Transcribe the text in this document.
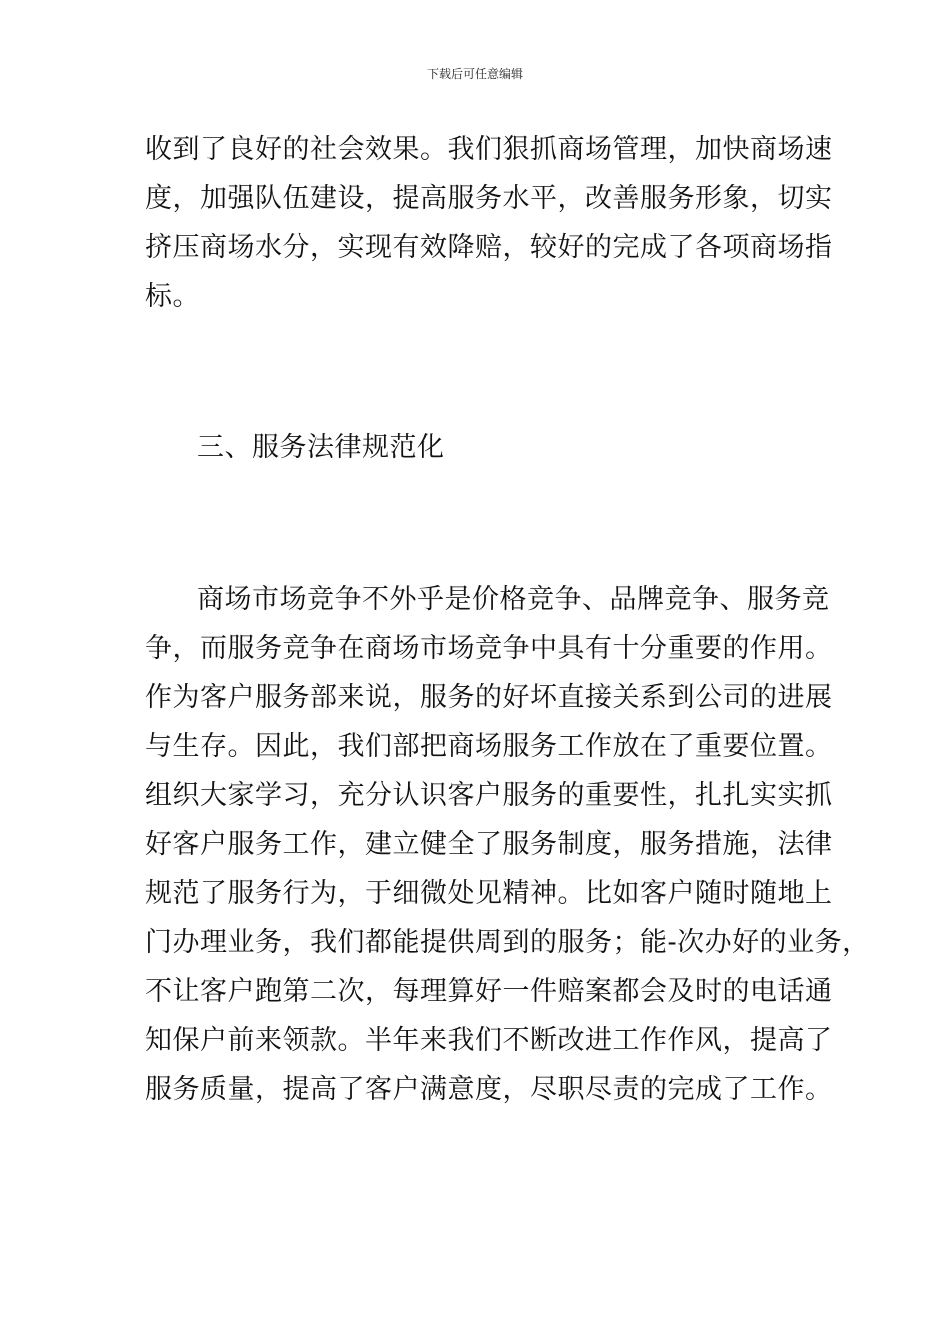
下载后可任意编辑
收到了良好的社会效果。我们狠抓商场管理，加快商场速
度，加强队伍建设，提高服务水平，改善服务形象，切实
挤压商场水分，实现有效降赔，较好的完成了各项商场指
标。
三、服务法律规范化
商场市场竞争不外乎是价格竞争、品牌竞争、服务竞
争，而服务竞争在商场市场竞争中具有十分重要的作用。
作为客户服务部来说，服务的好坏直接关系到公司的进展
与生存。因此，我们部把商场服务工作放在了重要位置。
组织大家学习，充分认识客户服务的重要性，扎扎实实抓
好客户服务工作，建立健全了服务制度，服务措施，法律
规范了服务行为，于细微处见精神。比如客户随时随地上
门办理业务，我们都能提供周到的服务；能-次办好的业务，
不让客户跑第二次，每理算好一件赔案都会及时的电话通
知保户前来领款。半年来我们不断改进工作作风，提高了
服务质量，提高了客户满意度，尽职尽责的完成了工作。
